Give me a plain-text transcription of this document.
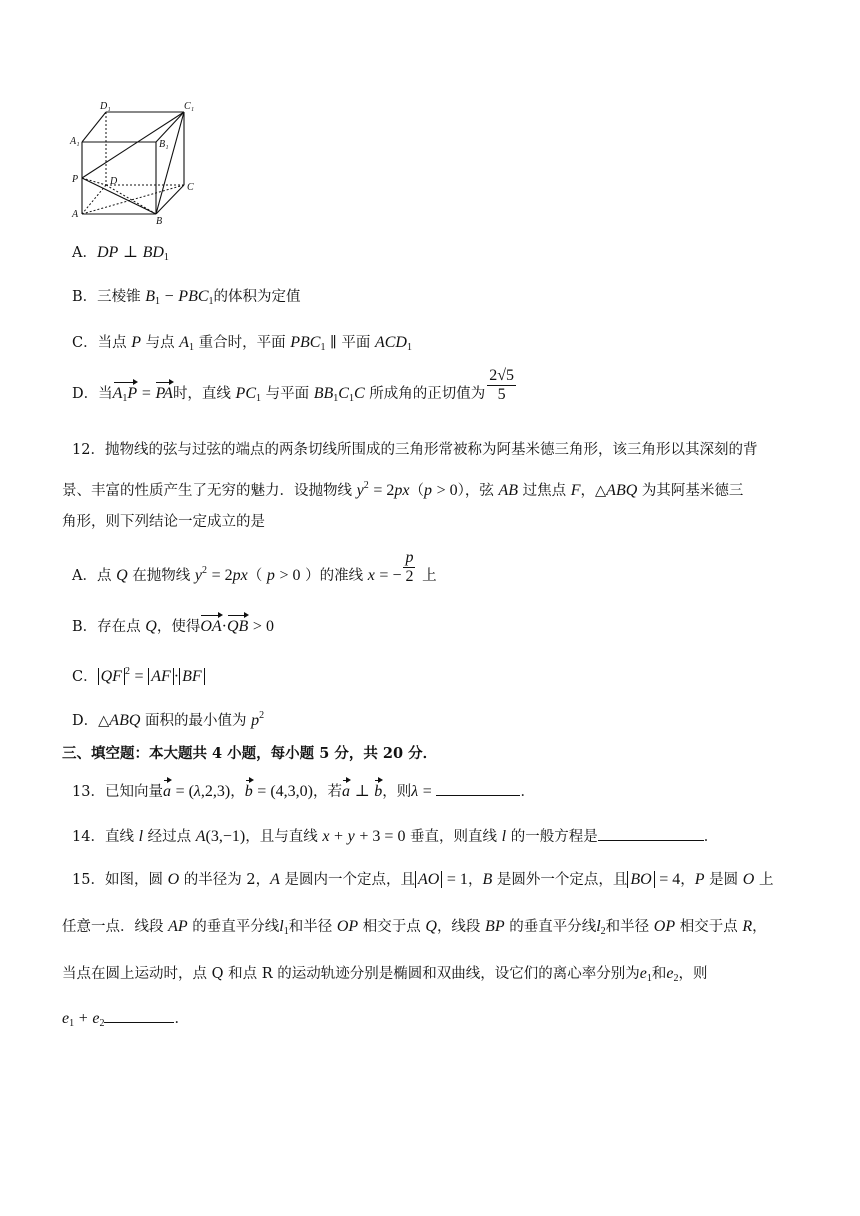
D₁	C₁
A₁	B₁
P	D
C
A
B
A．DP ⊥ $BD_1$
B．三棱锥 $B_1 - PBC_1$的体积为定值
C．当点 P 与点 $A_1$ 重合时，平面 $PBC_1$ ∥ 平面 $ACD_1$
D．当$A_1P$ = PA时，直线 $PC_1$ 与平面 $BB_1C_1C$ 所成角的正切值为 $\frac{2√5}{5}$
12．抛物线的弦与过弦的端点的两条切线所围成的三角形常被称为阿基米德三角形，该三角形以其深刻的背
景、丰富的性质产生了无穷的魅力．设抛物线 $y^2 = 2px(p > 0)$，弦 AB 过焦点 F，△ABQ 为其阿基米德三
角形，则下列结论一定成立的是
A．点 Q 在抛物线 $y^2 = 2px$（ p > 0 ）的准线 x = − $\frac{p}{2}$ 上
B．存在点 Q，使得OA·QB > 0
C． QF $^2$ = AF · BF
D．△ABQ 面积的最小值为 $p^2$
三、填空题：本大题共 4 小题，每小题 5 分，共 20 分．
13．已知向量a = (λ,2,3)，b = (4,3,0)，若a ⊥ b，则λ =	．
14．直线 l 经过点 A(3,−1)，且与直线 x + y + 3 = 0 垂直，则直线 l 的一般方程是	．
15．如图，圆 O 的半径为 2，A 是圆内一个定点，且 AO = 1，B 是圆外一个定点，且 BO = 4，P 是圆 O 上
任意一点．线段 AP 的垂直平分线$l_1$和半径 OP 相交于点 Q，线段 BP 的垂直平分线$l_2$和半径 OP 相交于点 R，
当点在圆上运动时，点 Q 和点 R 的运动轨迹分别是椭圆和双曲线，设它们的离心率分别为$e_1$和$e_2$，则
$e_1 + e_2$	．
